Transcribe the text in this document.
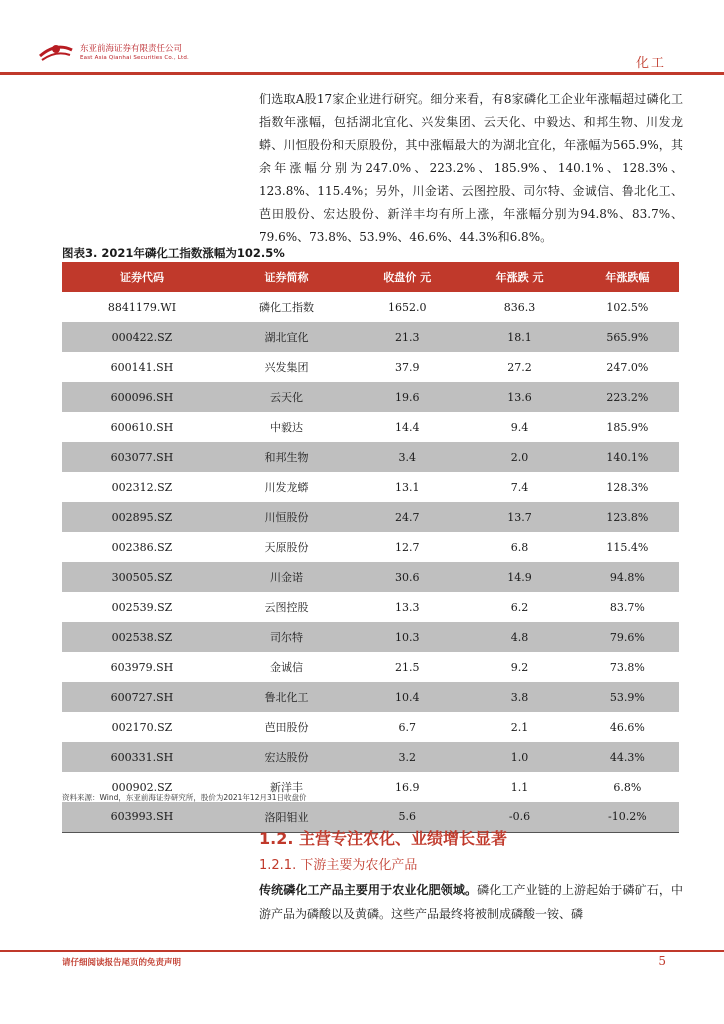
东亚前海证券有限责任公司
East Asia Qianhai Securities Co., Ltd.	化工
们选取A股17家企业进行研究。细分来看，有8家磷化工企业年涨幅超过磷化工指数年涨幅，包括湖北宜化、兴发集团、云天化、中毅达、和邦生物、川发龙蟒、川恒股份和天原股份，其中涨幅最大的为湖北宜化，年涨幅为565.9%，其余年涨幅分别为247.0%、223.2%、185.9%、140.1%、128.3%、123.8%、115.4%；另外，川金诺、云图控股、司尔特、金诚信、鲁北化工、芭田股份、宏达股份、新洋丰均有所上涨，年涨幅分别为94.8%、83.7%、79.6%、73.8%、53.9%、46.6%、44.3%和6.8%。
图表3. 2021年磷化工指数涨幅为102.5%
证券代码	证券简称	收盘价 元	年涨跌 元	年涨跌幅
8841179.WI	磷化工指数	1652.0	836.3	102.5%
000422.SZ	湖北宜化	21.3	18.1	565.9%
600141.SH	兴发集团	37.9	27.2	247.0%
600096.SH	云天化	19.6	13.6	223.2%
600610.SH	中毅达	14.4	9.4	185.9%
603077.SH	和邦生物	3.4	2.0	140.1%
002312.SZ	川发龙蟒	13.1	7.4	128.3%
002895.SZ	川恒股份	24.7	13.7	123.8%
002386.SZ	天原股份	12.7	6.8	115.4%
300505.SZ	川金诺	30.6	14.9	94.8%
002539.SZ	云图控股	13.3	6.2	83.7%
002538.SZ	司尔特	10.3	4.8	79.6%
603979.SH	金诚信	21.5	9.2	73.8%
600727.SH	鲁北化工	10.4	3.8	53.9%
002170.SZ	芭田股份	6.7	2.1	46.6%
600331.SH	宏达股份	3.2	1.0	44.3%
000902.SZ	新洋丰	16.9	1.1	6.8%
603993.SH	洛阳钼业	5.6	-0.6	-10.2%
资料来源：Wind，东亚前海证券研究所，股价为2021年12月31日收盘价
1.2. 主营专注农化、业绩增长显著
1.2.1. 下游主要为农化产品
传统磷化工产品主要用于农业化肥领域。磷化工产业链的上游起始于磷矿石，中游产品为磷酸以及黄磷。这些产品最终将被制成磷酸一铵、磷
请仔细阅读报告尾页的免责声明	5
